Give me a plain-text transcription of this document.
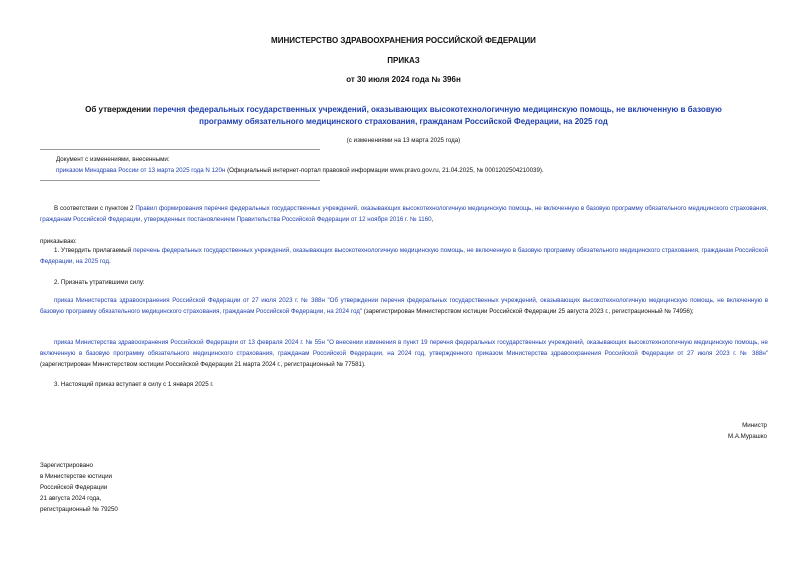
МИНИСТЕРСТВО ЗДРАВООХРАНЕНИЯ РОССИЙСКОЙ ФЕДЕРАЦИИ
ПРИКАЗ
от 30 июля 2024 года № 396н
Об утверждении перечня федеральных государственных учреждений, оказывающих высокотехнологичную медицинскую помощь, не включенную в базовую
программу обязательного медицинского страхования, гражданам Российской Федерации, на 2025 год
(с изменениями на 13 марта 2025 года)
Документ с изменениями, внесенными:
приказом Минздрава России от 13 марта 2025 года N 120н (Официальный интернет-портал правовой информации www.pravo.gov.ru, 21.04.2025, № 0001202504210039).
В соответствии с пунктом 2 Правил формирования перечня федеральных государственных учреждений, оказывающих высокотехнологичную медицинскую помощь, не включенную в базовую программу обязательного медицинского страхования, гражданам Российской Федерации, утвержденных постановлением Правительства Российской Федерации от 12 ноября 2016 г. № 1160,
приказываю:
1. Утвердить прилагаемый перечень федеральных государственных учреждений, оказывающих высокотехнологичную медицинскую помощь, не включенную в базовую программу обязательного медицинского страхования, гражданам Российской Федерации, на 2025 год.
2. Признать утратившими силу:
приказ Министерства здравоохранения Российской Федерации от 27 июля 2023 г. № 388н "Об утверждении перечня федеральных государственных учреждений, оказывающих высокотехнологичную медицинскую помощь, не включенную в базовую программу обязательного медицинского страхования, гражданам Российской Федерации, на 2024 год" (зарегистрирован Министерством юстиции Российской Федерации 25 августа 2023 г., регистрационный № 74956);
приказ Министерства здравоохранения Российской Федерации от 13 февраля 2024 г. № 55н "О внесении изменения в пункт 19 перечня федеральных государственных учреждений, оказывающих высокотехнологичную медицинскую помощь, не включенную в базовую программу обязательного медицинского страхования, гражданам Российской Федерации, на 2024 год, утвержденного приказом Министерства здравоохранения Российской Федерации от 27 июля 2023 г. № 388н" (зарегистрирован Министерством юстиции Российской Федерации 21 марта 2024 г., регистрационный № 77581).
3. Настоящий приказ вступает в силу с 1 января 2025 г.
Министр
М.А.Мурашко
Зарегистрировано
в Министерстве юстиции
Российской Федерации
21 августа 2024 года,
регистрационный № 79250
